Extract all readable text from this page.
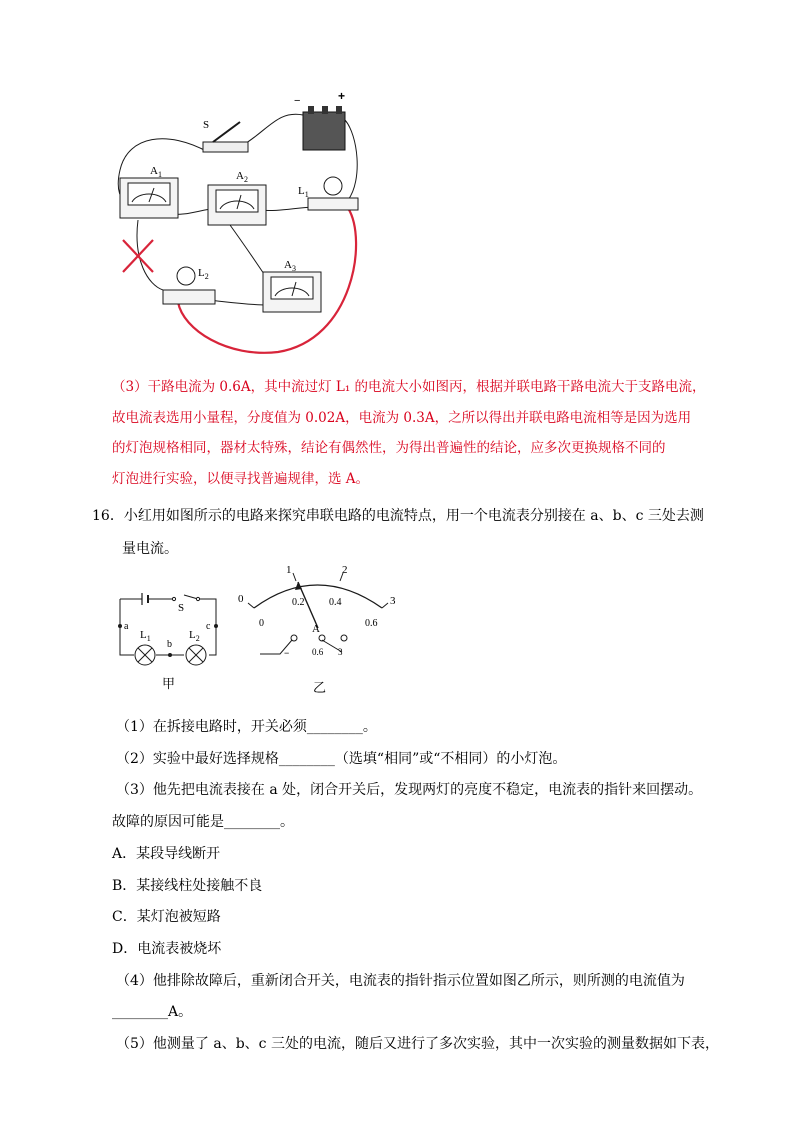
S
−	+
$A_1$	$A_2$
$L_1$
$A_3$
$L_2$
（3）干路电流为 0.6A，其中流过灯 L₁ 的电流大小如图丙，根据并联电路干路电流大于支路电流，
故电流表选用小量程，分度值为 0.02A，电流为 0.3A，之所以得出并联电路电流相等是因为选用
的灯泡规格相同，器材太特殊，结论有偶然性，为得出普遍性的结论，应多次更换规格不同的
灯泡进行实验，以便寻找普遍规律，选 A。
16．小红用如图所示的电路来探究串联电路的电流特点，用一个电流表分别接在 a、b、c 三处去测
量电流。
S
a	c
b
$L_1$	$L_2$
甲
0
1	2
3
0
0.2 0.4
0.6
A
−	0.6 3
乙
（1）在拆接电路时，开关必须________。
（2）实验中最好选择规格________（选填“相同”或“不相同）的小灯泡。
（3）他先把电流表接在 a 处，闭合开关后，发现两灯的亮度不稳定，电流表的指针来回摆动。
故障的原因可能是________。
A．某段导线断开
B．某接线柱处接触不良
C．某灯泡被短路
D．电流表被烧坏
（4）他排除故障后，重新闭合开关，电流表的指针指示位置如图乙所示，则所测的电流值为
________A。
（5）他测量了 a、b、c 三处的电流，随后又进行了多次实验，其中一次实验的测量数据如下表，
